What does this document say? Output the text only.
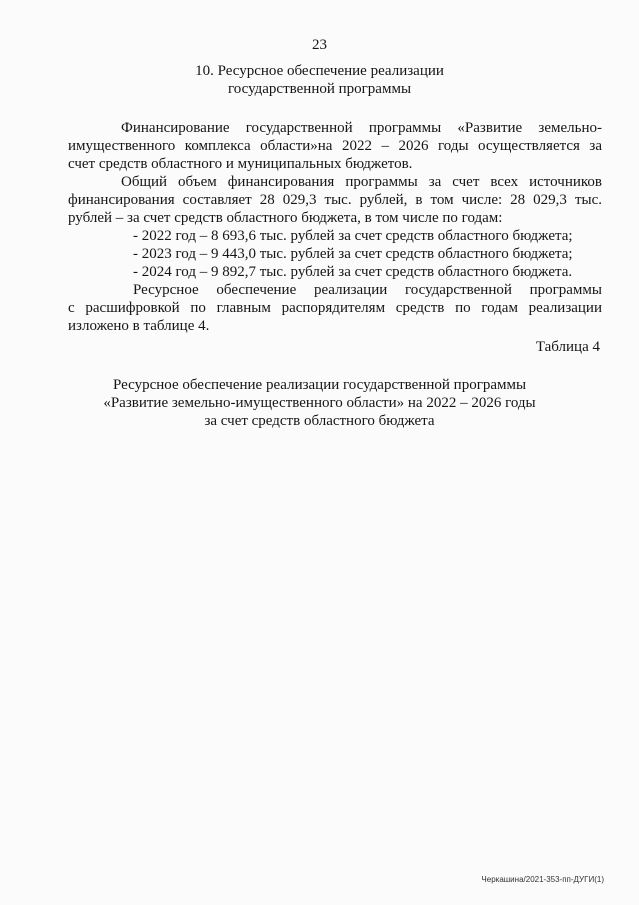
23
10. Ресурсное обеспечение реализации
государственной программы
Финансирование государственной программы «Развитие земельно-
имущественного комплекса области»на 2022 – 2026 годы осуществляется за
счет средств областного и муниципальных бюджетов.
Общий объем финансирования программы за счет всех источников
финансирования составляет 28 029,3 тыс. рублей, в том числе: 28 029,3 тыс.
рублей – за счет средств областного бюджета, в том числе по годам:
- 2022 год – 8 693,6 тыс. рублей за счет средств областного бюджета;
- 2023 год – 9 443,0 тыс. рублей за счет средств областного бюджета;
- 2024 год – 9 892,7 тыс. рублей за счет средств областного бюджета.
Ресурсное обеспечение реализации государственной программы
с расшифровкой по главным распорядителям средств по годам реализации
изложено в таблице 4.
Таблица 4
Ресурсное обеспечение реализации государственной программы
«Развитие земельно-имущественного области» на 2022 – 2026 годы
за счет средств областного бюджета
Черкашина/2021-353-пп-ДУГИ(1)
